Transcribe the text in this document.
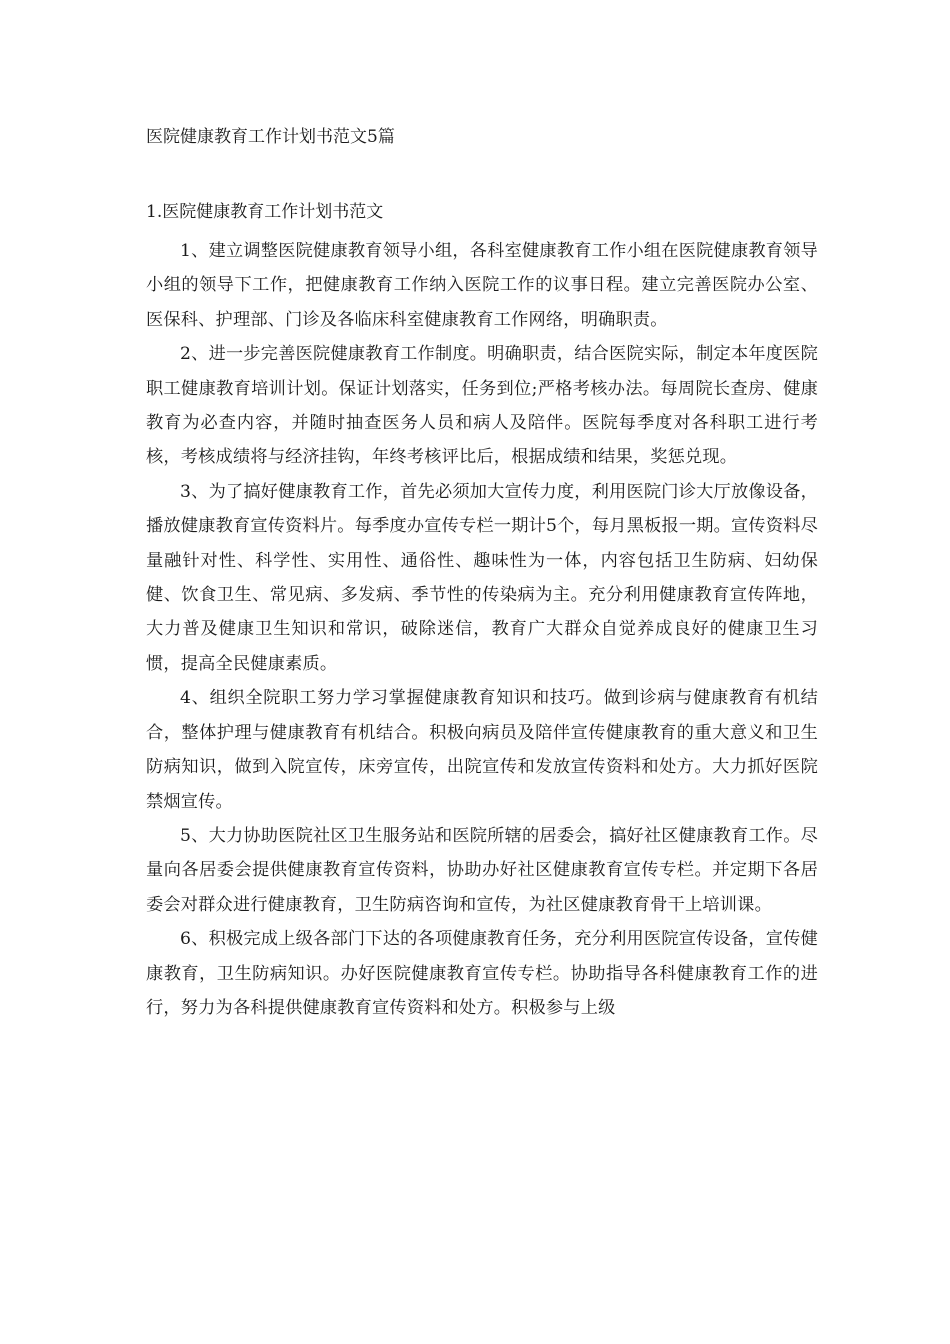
医院健康教育工作计划书范文5篇
1.医院健康教育工作计划书范文

1、建立调整医院健康教育领导小组，各科室健康教育工作小组在医院健康教育领导小组的领导下工作，把健康教育工作纳入医院工作的议事日程。建立完善医院办公室、医保科、护理部、门诊及各临床科室健康教育工作网络，明确职责。

2、进一步完善医院健康教育工作制度。明确职责，结合医院实际，制定本年度医院职工健康教育培训计划。保证计划落实，任务到位;严格考核办法。每周院长查房、健康教育为必查内容，并随时抽查医务人员和病人及陪伴。医院每季度对各科职工进行考核，考核成绩将与经济挂钩，年终考核评比后，根据成绩和结果，奖惩兑现。

3、为了搞好健康教育工作，首先必须加大宣传力度，利用医院门诊大厅放像设备，播放健康教育宣传资料片。每季度办宣传专栏一期计5个，每月黑板报一期。宣传资料尽量融针对性、科学性、实用性、通俗性、趣味性为一体，内容包括卫生防病、妇幼保健、饮食卫生、常见病、多发病、季节性的传染病为主。充分利用健康教育宣传阵地，大力普及健康卫生知识和常识，破除迷信，教育广大群众自觉养成良好的健康卫生习惯，提高全民健康素质。

4、组织全院职工努力学习掌握健康教育知识和技巧。做到诊病与健康教育有机结合，整体护理与健康教育有机结合。积极向病员及陪伴宣传健康教育的重大意义和卫生防病知识，做到入院宣传，床旁宣传，出院宣传和发放宣传资料和处方。大力抓好医院禁烟宣传。

5、大力协助医院社区卫生服务站和医院所辖的居委会，搞好社区健康教育工作。尽量向各居委会提供健康教育宣传资料，协助办好社区健康教育宣传专栏。并定期下各居委会对群众进行健康教育，卫生防病咨询和宣传，为社区健康教育骨干上培训课。

6、积极完成上级各部门下达的各项健康教育任务，充分利用医院宣传设备，宣传健康教育，卫生防病知识。办好医院健康教育宣传专栏。协助指导各科健康教育工作的进行，努力为各科提供健康教育宣传资料和处方。积极参与上级
